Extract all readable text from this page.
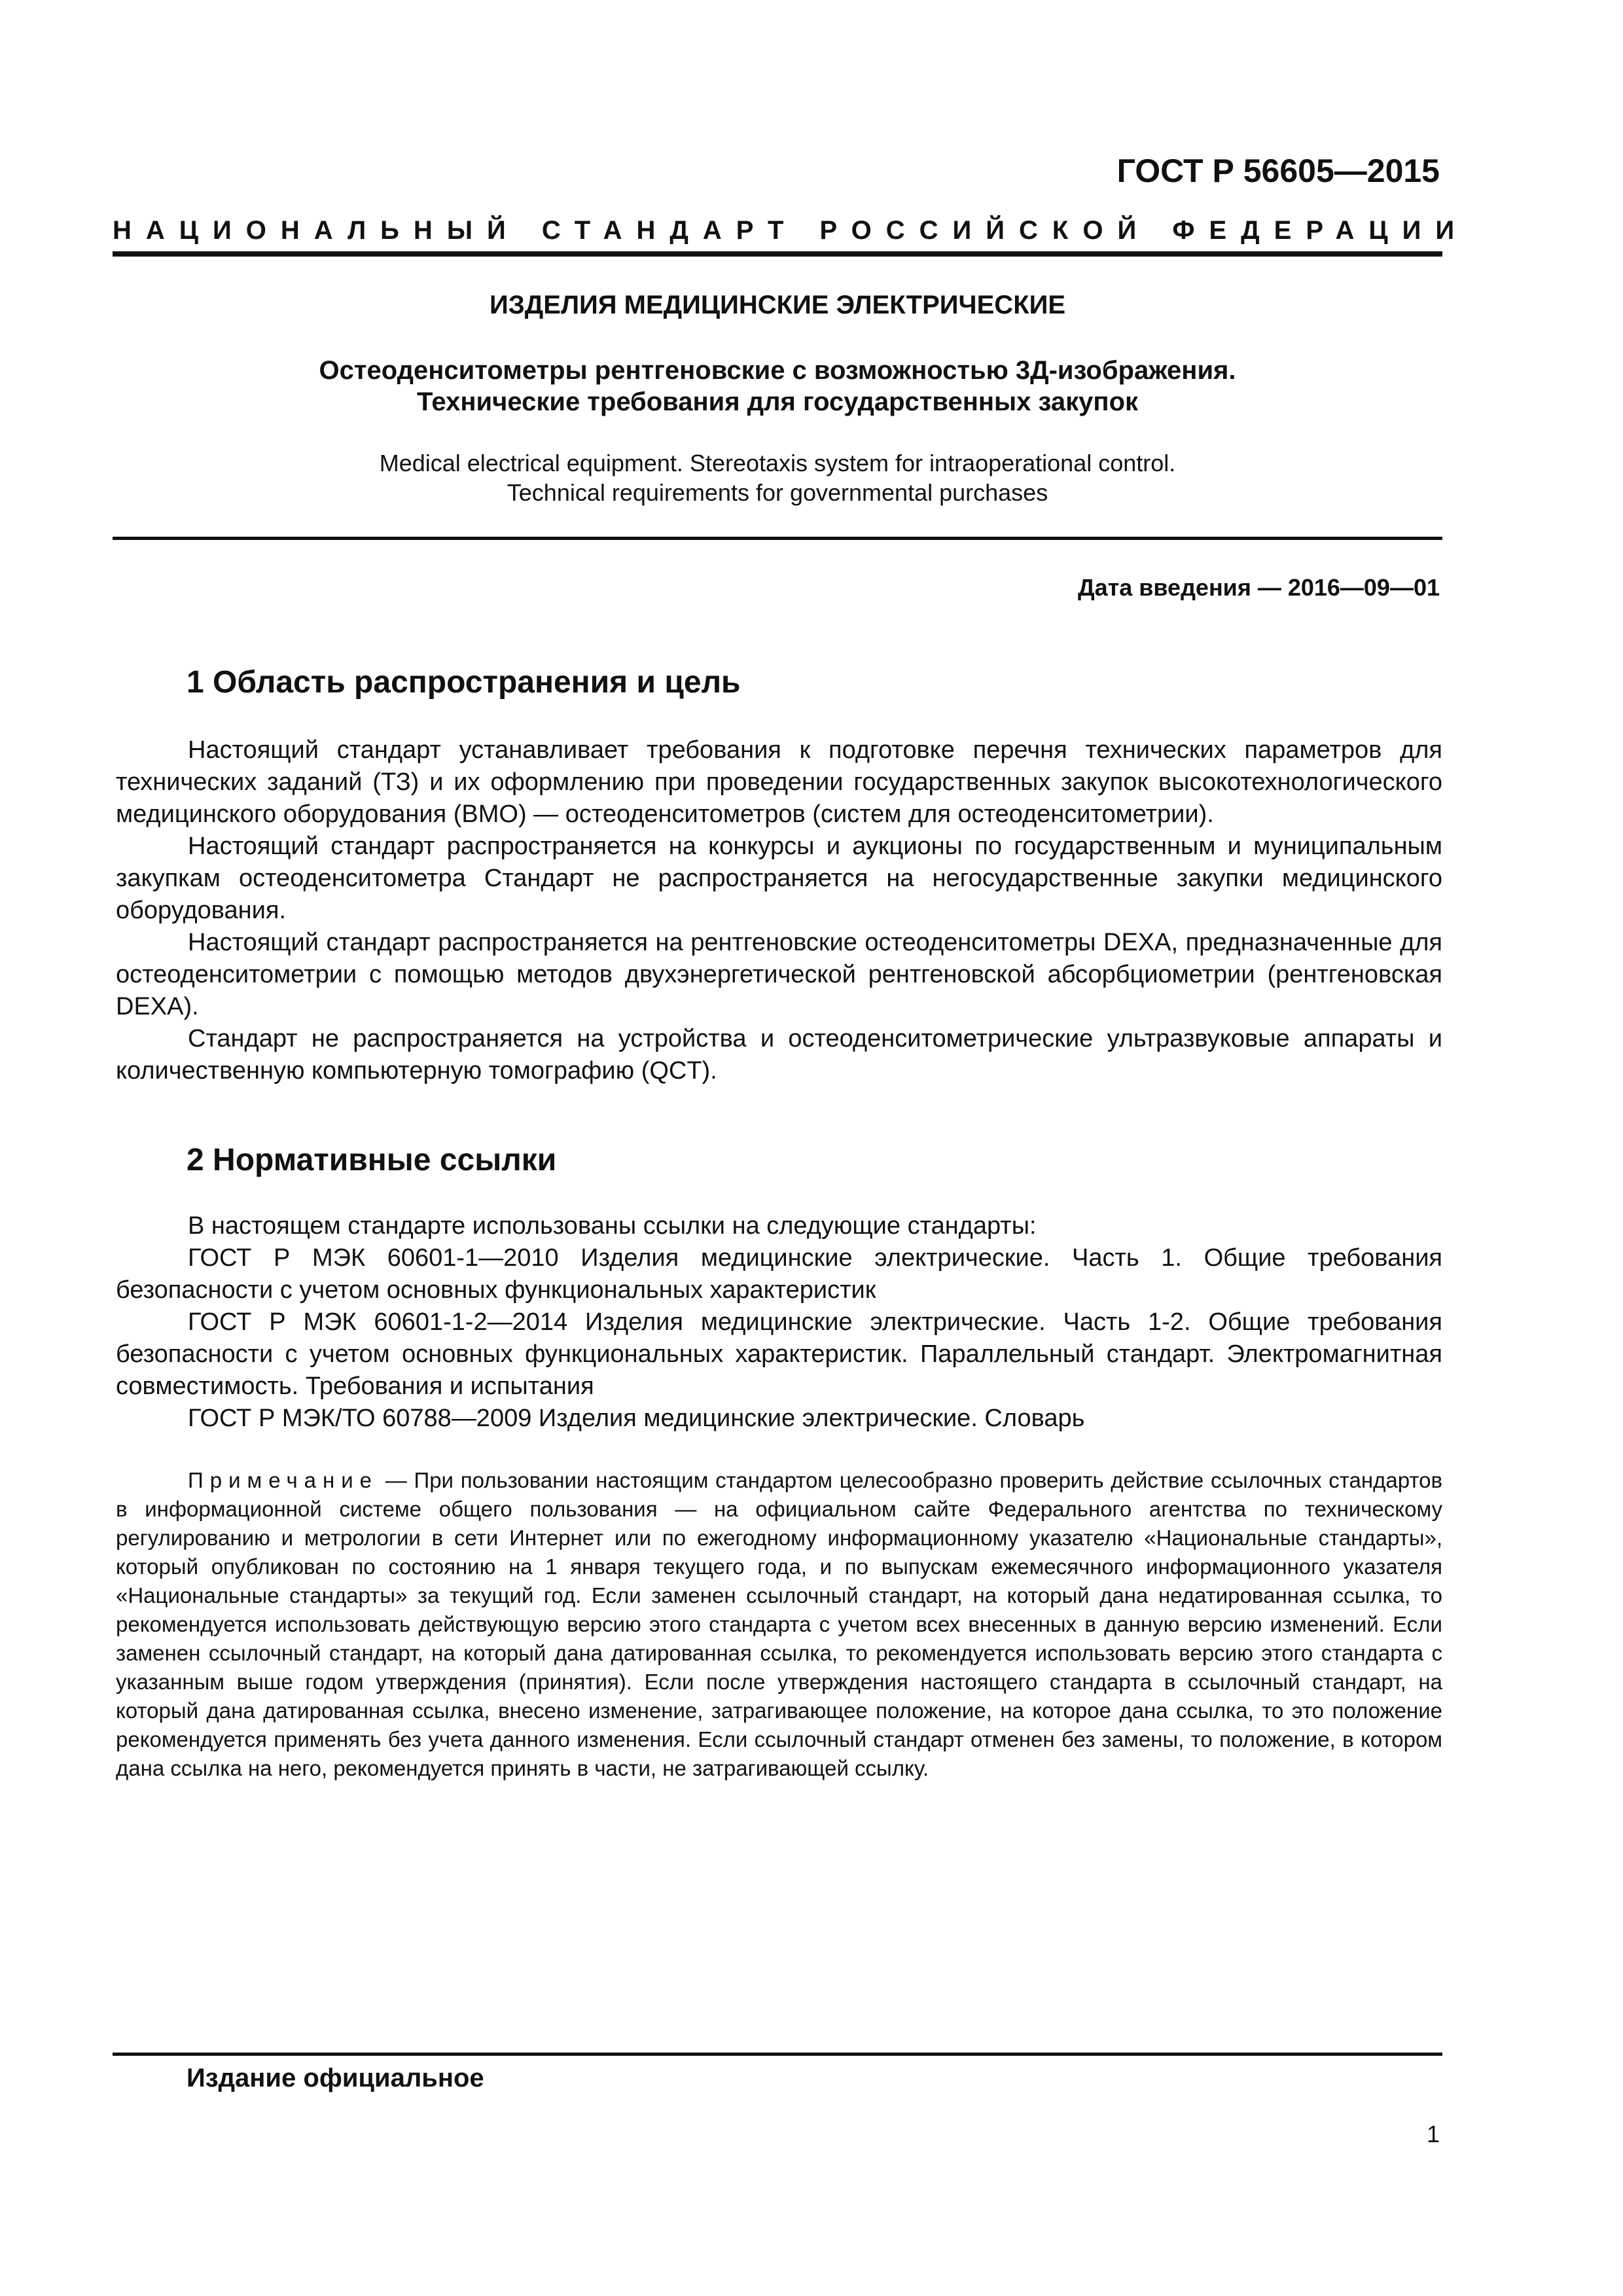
ГОСТ Р 56605—2015
НАЦИОНАЛЬНЫЙ СТАНДАРТ РОССИЙСКОЙ ФЕДЕРАЦИИ
ИЗДЕЛИЯ МЕДИЦИНСКИЕ ЭЛЕКТРИЧЕСКИЕ
Остеоденситометры рентгеновские с возможностью 3Д-изображения.
Технические требования для государственных закупок
Medical electrical equipment. Stereotaxis system for intraoperational control.
Technical requirements for governmental purchases
Дата введения — 2016—09—01
1 Область распространения и цель

Настоящий стандарт устанавливает требования к подготовке перечня технических параметров для технических заданий (ТЗ) и их оформлению при проведении государственных закупок высокотехнологического медицинского оборудования (ВМО) — остеоденситометров (систем для остеоденситометрии).

Настоящий стандарт распространяется на конкурсы и аукционы по государственным и муниципальным закупкам остеоденситометра Стандарт не распространяется на негосударственные закупки медицинского оборудования.

Настоящий стандарт распространяется на рентгеновские остеоденситометры DEXA, предназначенные для остеоденситометрии с помощью методов двухэнергетической рентгеновской абсорбциометрии (рентгеновская DEXA).

Стандарт не распространяется на устройства и остеоденситометрические ультразвуковые аппараты и количественную компьютерную томографию (QCT).

2 Нормативные ссылки

В настоящем стандарте использованы ссылки на следующие стандарты:

ГОСТ Р МЭК 60601-1—2010 Изделия медицинские электрические. Часть 1. Общие требования безопасности с учетом основных функциональных характеристик

ГОСТ Р МЭК 60601-1-2—2014 Изделия медицинские электрические. Часть 1-2. Общие требования безопасности с учетом основных функциональных характеристик. Параллельный стандарт. Электромагнитная совместимость. Требования и испытания

ГОСТ Р МЭК/ТО 60788—2009 Изделия медицинские электрические. Словарь

Примечание — При пользовании настоящим стандартом целесообразно проверить действие ссылочных стандартов в информационной системе общего пользования — на официальном сайте Федерального агентства по техническому регулированию и метрологии в сети Интернет или по ежегодному информационному указателю «Национальные стандарты», который опубликован по состоянию на 1 января текущего года, и по выпускам ежемесячного информационного указателя «Национальные стандарты» за текущий год. Если заменен ссылочный стандарт, на который дана недатированная ссылка, то рекомендуется использовать действующую версию этого стандарта с учетом всех внесенных в данную версию изменений. Если заменен ссылочный стандарт, на который дана датированная ссылка, то рекомендуется использовать версию этого стандарта с указанным выше годом утверждения (принятия). Если после утверждения настоящего стандарта в ссылочный стандарт, на который дана датированная ссылка, внесено изменение, затрагивающее положение, на которое дана ссылка, то это положение рекомендуется применять без учета данного изменения. Если ссылочный стандарт отменен без замены, то положение, в котором дана ссылка на него, рекомендуется принять в части, не затрагивающей ссылку.
Издание официальное
1
